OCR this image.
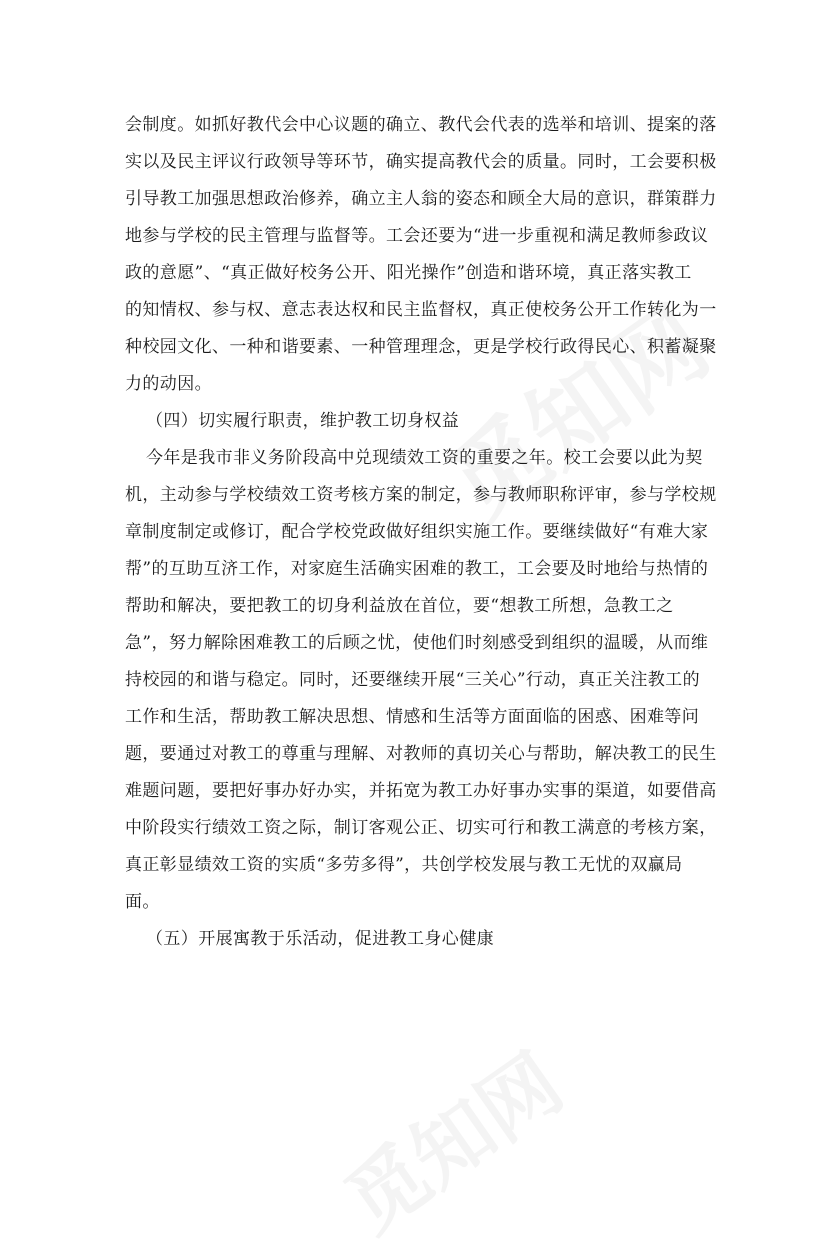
会制度。如抓好教代会中心议题的确立、教代会代表的选举和培训、提案的落
实以及民主评议行政领导等环节，确实提高教代会的质量。同时，工会要积极
引导教工加强思想政治修养，确立主人翁的姿态和顾全大局的意识，群策群力
地参与学校的民主管理与监督等。工会还要为“进一步重视和满足教师参政议
政的意愿”、“真正做好校务公开、阳光操作”创造和谐环境，真正落实教工
的知情权、参与权、意志表达权和民主监督权，真正使校务公开工作转化为一
种校园文化、一种和谐要素、一种管理理念，更是学校行政得民心、积蓄凝聚
力的动因。
（四）切实履行职责，维护教工切身权益
今年是我市非义务阶段高中兑现绩效工资的重要之年。校工会要以此为契
机，主动参与学校绩效工资考核方案的制定，参与教师职称评审，参与学校规
章制度制定或修订，配合学校党政做好组织实施工作。要继续做好“有难大家
帮”的互助互济工作，对家庭生活确实困难的教工，工会要及时地给与热情的
帮助和解决，要把教工的切身利益放在首位，要“想教工所想，急教工之
急”，努力解除困难教工的后顾之忧，使他们时刻感受到组织的温暖，从而维
持校园的和谐与稳定。同时，还要继续开展“三关心”行动，真正关注教工的
工作和生活，帮助教工解决思想、情感和生活等方面面临的困惑、困难等问
题，要通过对教工的尊重与理解、对教师的真切关心与帮助，解决教工的民生
难题问题，要把好事办好办实，并拓宽为教工办好事办实事的渠道，如要借高
中阶段实行绩效工资之际，制订客观公正、切实可行和教工满意的考核方案，
真正彰显绩效工资的实质“多劳多得”，共创学校发展与教工无忧的双赢局
面。
（五）开展寓教于乐活动，促进教工身心健康
